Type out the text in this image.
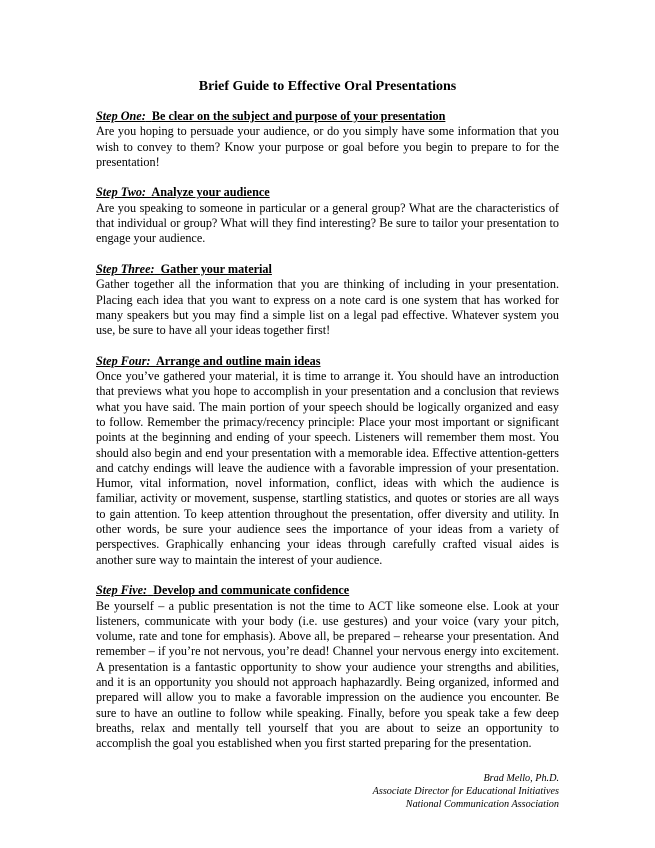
Brief Guide to Effective Oral Presentations
Step One: Be clear on the subject and purpose of your presentation
Are you hoping to persuade your audience, or do you simply have some information that you wish to convey to them? Know your purpose or goal before you begin to prepare to for the presentation!
Step Two: Analyze your audience
Are you speaking to someone in particular or a general group? What are the characteristics of that individual or group? What will they find interesting? Be sure to tailor your presentation to engage your audience.
Step Three: Gather your material
Gather together all the information that you are thinking of including in your presentation. Placing each idea that you want to express on a note card is one system that has worked for many speakers but you may find a simple list on a legal pad effective. Whatever system you use, be sure to have all your ideas together first!
Step Four: Arrange and outline main ideas
Once you’ve gathered your material, it is time to arrange it. You should have an introduction that previews what you hope to accomplish in your presentation and a conclusion that reviews what you have said. The main portion of your speech should be logically organized and easy to follow. Remember the primacy/recency principle: Place your most important or significant points at the beginning and ending of your speech. Listeners will remember them most. You should also begin and end your presentation with a memorable idea. Effective attention-getters and catchy endings will leave the audience with a favorable impression of your presentation. Humor, vital information, novel information, conflict, ideas with which the audience is familiar, activity or movement, suspense, startling statistics, and quotes or stories are all ways to gain attention. To keep attention throughout the presentation, offer diversity and utility. In other words, be sure your audience sees the importance of your ideas from a variety of perspectives. Graphically enhancing your ideas through carefully crafted visual aides is another sure way to maintain the interest of your audience.
Step Five: Develop and communicate confidence
Be yourself – a public presentation is not the time to ACT like someone else. Look at your listeners, communicate with your body (i.e. use gestures) and your voice (vary your pitch, volume, rate and tone for emphasis). Above all, be prepared – rehearse your presentation. And remember – if you’re not nervous, you’re dead! Channel your nervous energy into excitement. A presentation is a fantastic opportunity to show your audience your strengths and abilities, and it is an opportunity you should not approach haphazardly. Being organized, informed and prepared will allow you to make a favorable impression on the audience you encounter. Be sure to have an outline to follow while speaking. Finally, before you speak take a few deep breaths, relax and mentally tell yourself that you are about to seize an opportunity to accomplish the goal you established when you first started preparing for the presentation.
Brad Mello, Ph.D.
Associate Director for Educational Initiatives
National Communication Association
